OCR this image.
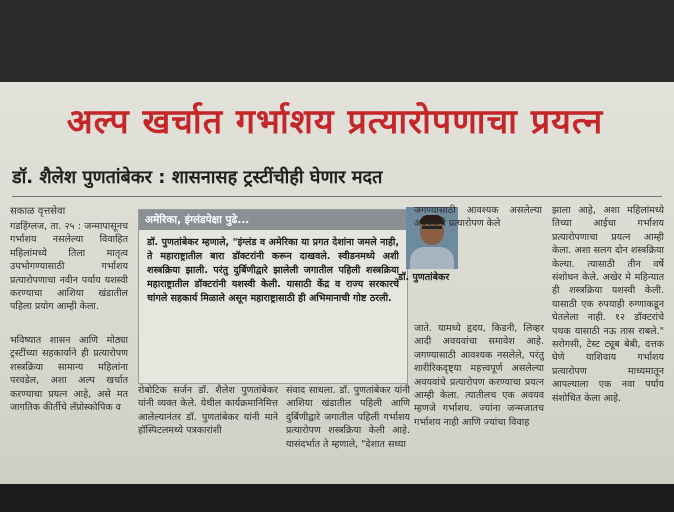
अल्प खर्चात गर्भाशय प्रत्यारोपणाचा प्रयत्न
डॉ. शैलेश पुणतांबेकर : शासनासह ट्रस्टींचीही घेणार मदत
सकाळ वृत्तसेवा

गडहिंग्लज, ता. २५ : जन्मापासूनच गर्भाशय नसलेल्या विवाहित महिलांमध्ये तिला मातृत्व उपभोगण्यासाठी गर्भाशय प्रत्यारोपणाचा नवीन पर्याय यशस्वी करण्याचा आशिया खंडातील पहिला प्रयोग आम्ही केला.

भविष्यात शासन आणि मोठ्या ट्रस्टींच्या सहकार्याने ही प्रत्यारोपण शस्त्रक्रिया सामान्य महिलांना परवडेल, अशा अल्प खर्चात करण्याचा प्रयत्न आहे, असे मत जागतिक कीर्तीचे लॅप्रोस्कोपिक व

अमेरिका, इंग्लंडपेक्षा पुढे...
डॉ. पुणतांबेकर म्हणाले, "इंग्लंड व अमेरिका या प्रगत देशांना जमले नाही, ते महाराष्ट्रातील बारा डॉक्टरांनी करून दाखवले. स्वीडनमध्ये अशी शस्त्रक्रिया झाली. परंतु दुर्बिणीद्वारे झालेली जगातील पहिली शस्त्रक्रिया महाराष्ट्रातील डॉक्टरांनी यशस्वी केली. यासाठी केंद्र व राज्य सरकारचे चांगले सहकार्य मिळाले असून महाराष्ट्रासाठी ही अभिमानाची गोष्ट ठरली.

रोबोटिक सर्जन डॉ. शैलेश पुणतांबेकर यांनी व्यक्त केले. येथील कार्यक्रमानिमित्त आलेल्यानंतर डॉ. पुणतांबेकर यांनी माने हॉस्पिटलमध्ये पत्रकारांशी

संवाद साधला. डॉ. पुणतांबेकर यांनी आशिया खंडातील पहिली आणि दुर्बिणीद्वारे जगातील पहिली गर्भाशय प्रत्यारोपण शस्त्रक्रिया केली आहे. यासंदर्भात ते म्हणाले, "देशात सध्या

डॉ. पुणतांबेकर

जगण्यासाठी आवश्यक असलेल्या अवयवांचे प्रत्यारोपण केले

जाते. यामध्ये हृदय, किडनी, लिव्हर आदी अवयवांचा समावेश आहे. जगण्यासाठी आवश्यक नसलेले, परंतु शारीरिकदृष्ट्या महत्त्वपूर्ण असलेल्या अवयवांचे प्रत्यारोपण करण्याचा प्रयत्न आम्ही केला. त्यातीलच एक अवयव म्हणजे गर्भाशय. ज्यांना जन्मजातच गर्भाशय नाही आणि ज्यांचा विवाह

झाला आहे, अशा महिलांमध्ये तिच्या आईचा गर्भाशय प्रत्यारोपणाचा प्रयत्न आम्ही केला. अशा सलग दोन शस्त्रक्रिया केल्या. त्यासाठी तीन वर्षे संशोधन केले. अखेर मे महिन्यात ही शस्त्रक्रिया यशस्वी केली. यासाठी एक रुपयाही रुग्णाकडून घेतलेला नाही. १२ डॉक्टरांचे पथक यासाठी नऊ तास राबले." सरोगसी, टेस्ट ट्यूब बेबी, दत्तक घेणे याशिवाय गर्भाशय प्रत्यारोपण माध्यमातून आपल्याला एक नवा पर्याय संशोधित केला आहे.
